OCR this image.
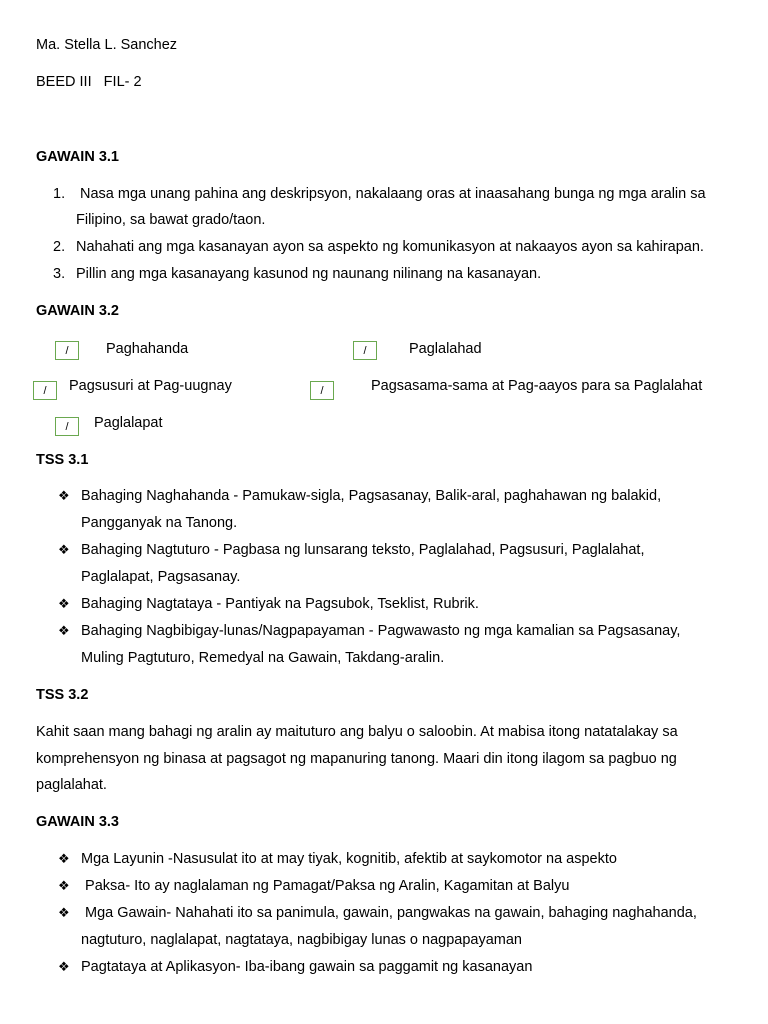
Ma. Stella L. Sanchez
BEED III   FIL- 2
GAWAIN 3.1
1. Nasa mga unang pahina ang deskripsyon, nakalaang oras at inaasahang bunga ng mga aralin sa
Filipino, sa bawat grado/taon.
2. Nahahati ang mga kasanayan ayon sa aspekto ng komunikasyon at nakaayos ayon sa kahirapan.
3. Pillin ang mga kasanayang kasunod ng naunang nilinang na kasanayan.
GAWAIN 3.2
/	Paghahanda	/	Paglalahad
/	Pagsusuri at Pag-uugnay	/	Pagsasama-sama at Pag-aayos para sa Paglalahat
/	Paglalapat
TSS 3.1
❖ Bahaging Naghahanda - Pamukaw-sigla, Pagsasanay, Balik-aral, paghahawan ng balakid,
Pangganyak na Tanong.
❖ Bahaging Nagtuturo - Pagbasa ng lunsarang teksto, Paglalahad, Pagsusuri, Paglalahat,
Paglalapat, Pagsasanay.
❖ Bahaging Nagtataya - Pantiyak na Pagsubok, Tseklist, Rubrik.
❖ Bahaging Nagbibigay-lunas/Nagpapayaman - Pagwawasto ng mga kamalian sa Pagsasanay,
Muling Pagtuturo, Remedyal na Gawain, Takdang-aralin.
TSS 3.2
Kahit saan mang bahagi ng aralin ay maituturo ang balyu o saloobin. At mabisa itong natatalakay sa
komprehensyon ng binasa at pagsagot ng mapanuring tanong. Maari din itong ilagom sa pagbuo ng
paglalahat.
GAWAIN 3.3
❖ Mga Layunin -Nasusulat ito at may tiyak, kognitib, afektib at saykomotor na aspekto
❖ Paksa- Ito ay naglalaman ng Pamagat/Paksa ng Aralin, Kagamitan at Balyu
❖ Mga Gawain- Nahahati ito sa panimula, gawain, pangwakas na gawain, bahaging naghahanda,
nagtuturo, naglalapat, nagtataya, nagbibigay lunas o nagpapayaman
❖ Pagtataya at Aplikasyon- Iba-ibang gawain sa paggamit ng kasanayan
